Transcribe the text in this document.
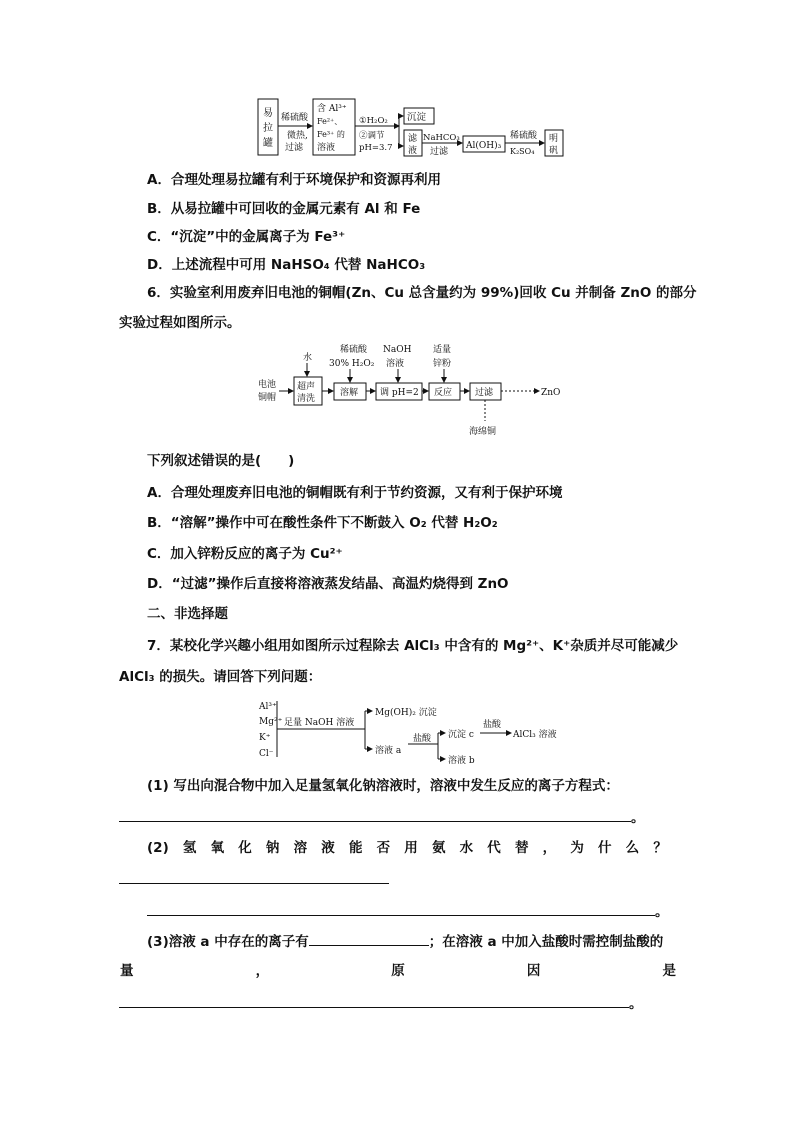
易
拉
罐
稀硫酸
微热,
过滤
含 Al³⁺
Fe²⁺、
Fe³⁺ 的
溶液
①H₂O₂
②调节
pH=3.7
沉淀
滤
液
NaHCO₃
过滤
Al(OH)₃
稀硫酸
K₂SO₄
明
矾
A．合理处理易拉罐有利于环境保护和资源再利用
B．从易拉罐中可回收的金属元素有 Al 和 Fe
C．“沉淀”中的金属离子为 Fe³⁺
D．上述流程中可用 NaHSO₄ 代替 NaHCO₃
6．实验室利用废弃旧电池的铜帽(Zn、Cu 总含量约为 99%)回收 Cu 并制备 ZnO 的部分
实验过程如图所示。
电池
铜帽
水
超声
清洗
稀硫酸
30% H₂O₂
溶解
NaOH
溶液
调 pH=2
适量
锌粉
反应	过滤	ZnO
海绵铜
下列叙述错误的是(　　)
A．合理处理废弃旧电池的铜帽既有利于节约资源，又有利于保护环境
B．“溶解”操作中可在酸性条件下不断鼓入 O₂ 代替 H₂O₂
C．加入锌粉反应的离子为 Cu²⁺
D．“过滤”操作后直接将溶液蒸发结晶、高温灼烧得到 ZnO
二、非选择题
7．某校化学兴趣小组用如图所示过程除去 AlCl₃ 中含有的 Mg²⁺、K⁺杂质并尽可能减少
AlCl₃ 的损失。请回答下列问题：
Al³⁺
Mg²⁺
K⁺
Cl⁻
足量 NaOH 溶液
Mg(OH)₂ 沉淀
溶液 a
盐酸 沉淀 c
盐酸
AlCl₃ 溶液
溶液 b
(1) 写出向混合物中加入足量氢氧化钠溶液时，溶液中发生反应的离子方程式：
。
(2) 氢 氧 化 钠 溶 液 能 否 用 氨 水 代 替 ， 为 什 么 ？
。
(3)溶液 a 中存在的离子有	；在溶液 a 中加入盐酸时需控制盐酸的
量	，	原	因	是
。
